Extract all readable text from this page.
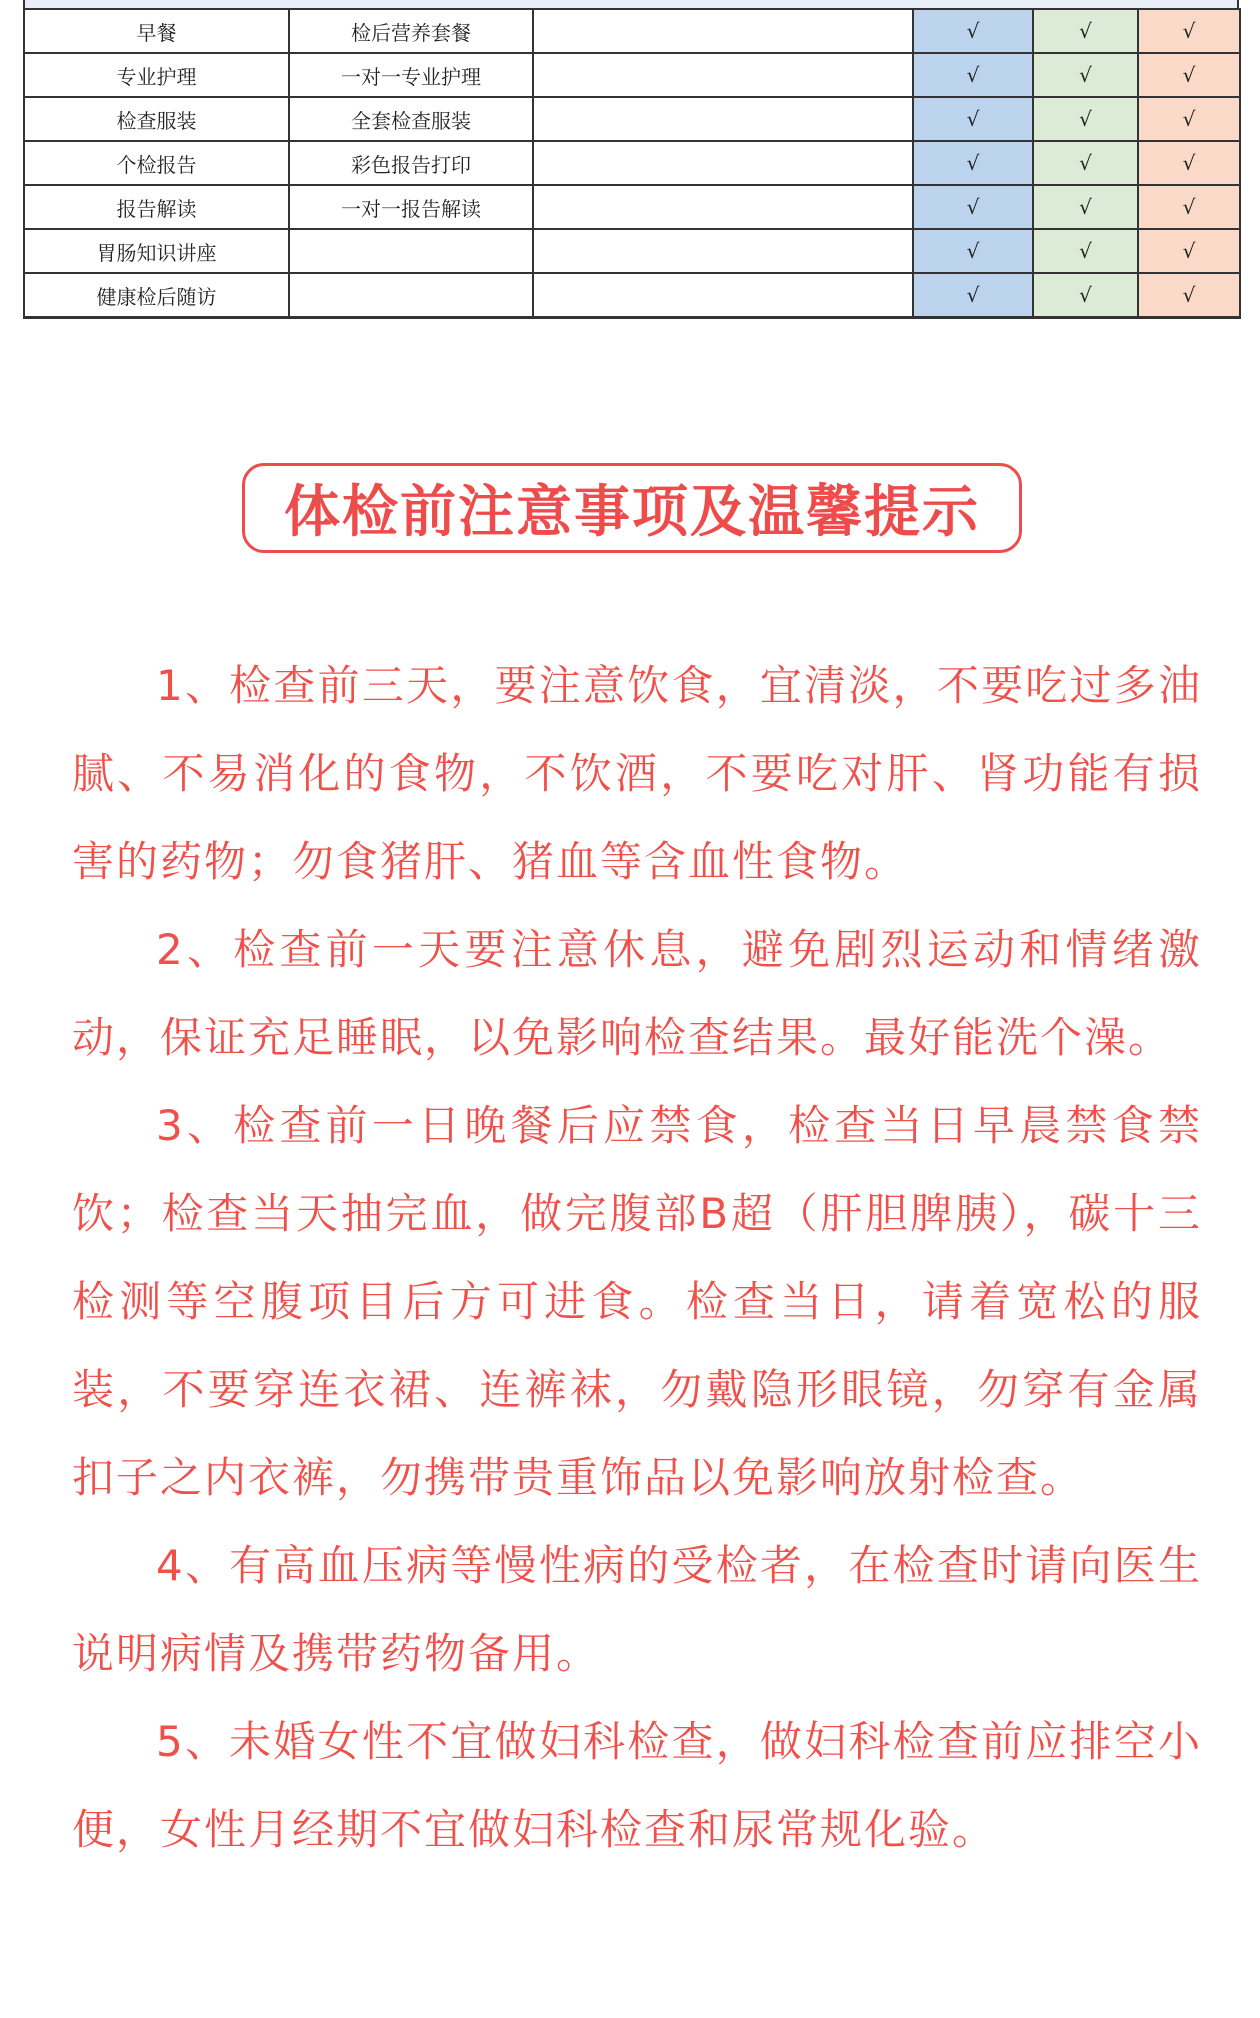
早餐	检后营养套餐		√	√	√
专业护理	一对一专业护理		√	√	√
检查服装	全套检查服装		√	√	√
个检报告	彩色报告打印		√	√	√
报告解读	一对一报告解读		√	√	√
胃肠知识讲座			√	√	√
健康检后随访			√	√	√
体检前注意事项及温馨提示

1、检查前三天，要注意饮食，宜清淡，不要吃过多油腻、不易消化的食物，不饮酒，不要吃对肝、肾功能有损害的药物；勿食猪肝、猪血等含血性食物。

2、检查前一天要注意休息，避免剧烈运动和情绪激动，保证充足睡眠，以免影响检查结果。最好能洗个澡。

3、检查前一日晚餐后应禁食，检查当日早晨禁食禁饮；检查当天抽完血，做完腹部B超（肝胆脾胰），碳十三检测等空腹项目后方可进食。检查当日，请着宽松的服装，不要穿连衣裙、连裤袜，勿戴隐形眼镜，勿穿有金属扣子之内衣裤，勿携带贵重饰品以免影响放射检查。

4、有高血压病等慢性病的受检者，在检查时请向医生说明病情及携带药物备用。

5、未婚女性不宜做妇科检查，做妇科检查前应排空小便，女性月经期不宜做妇科检查和尿常规化验。
